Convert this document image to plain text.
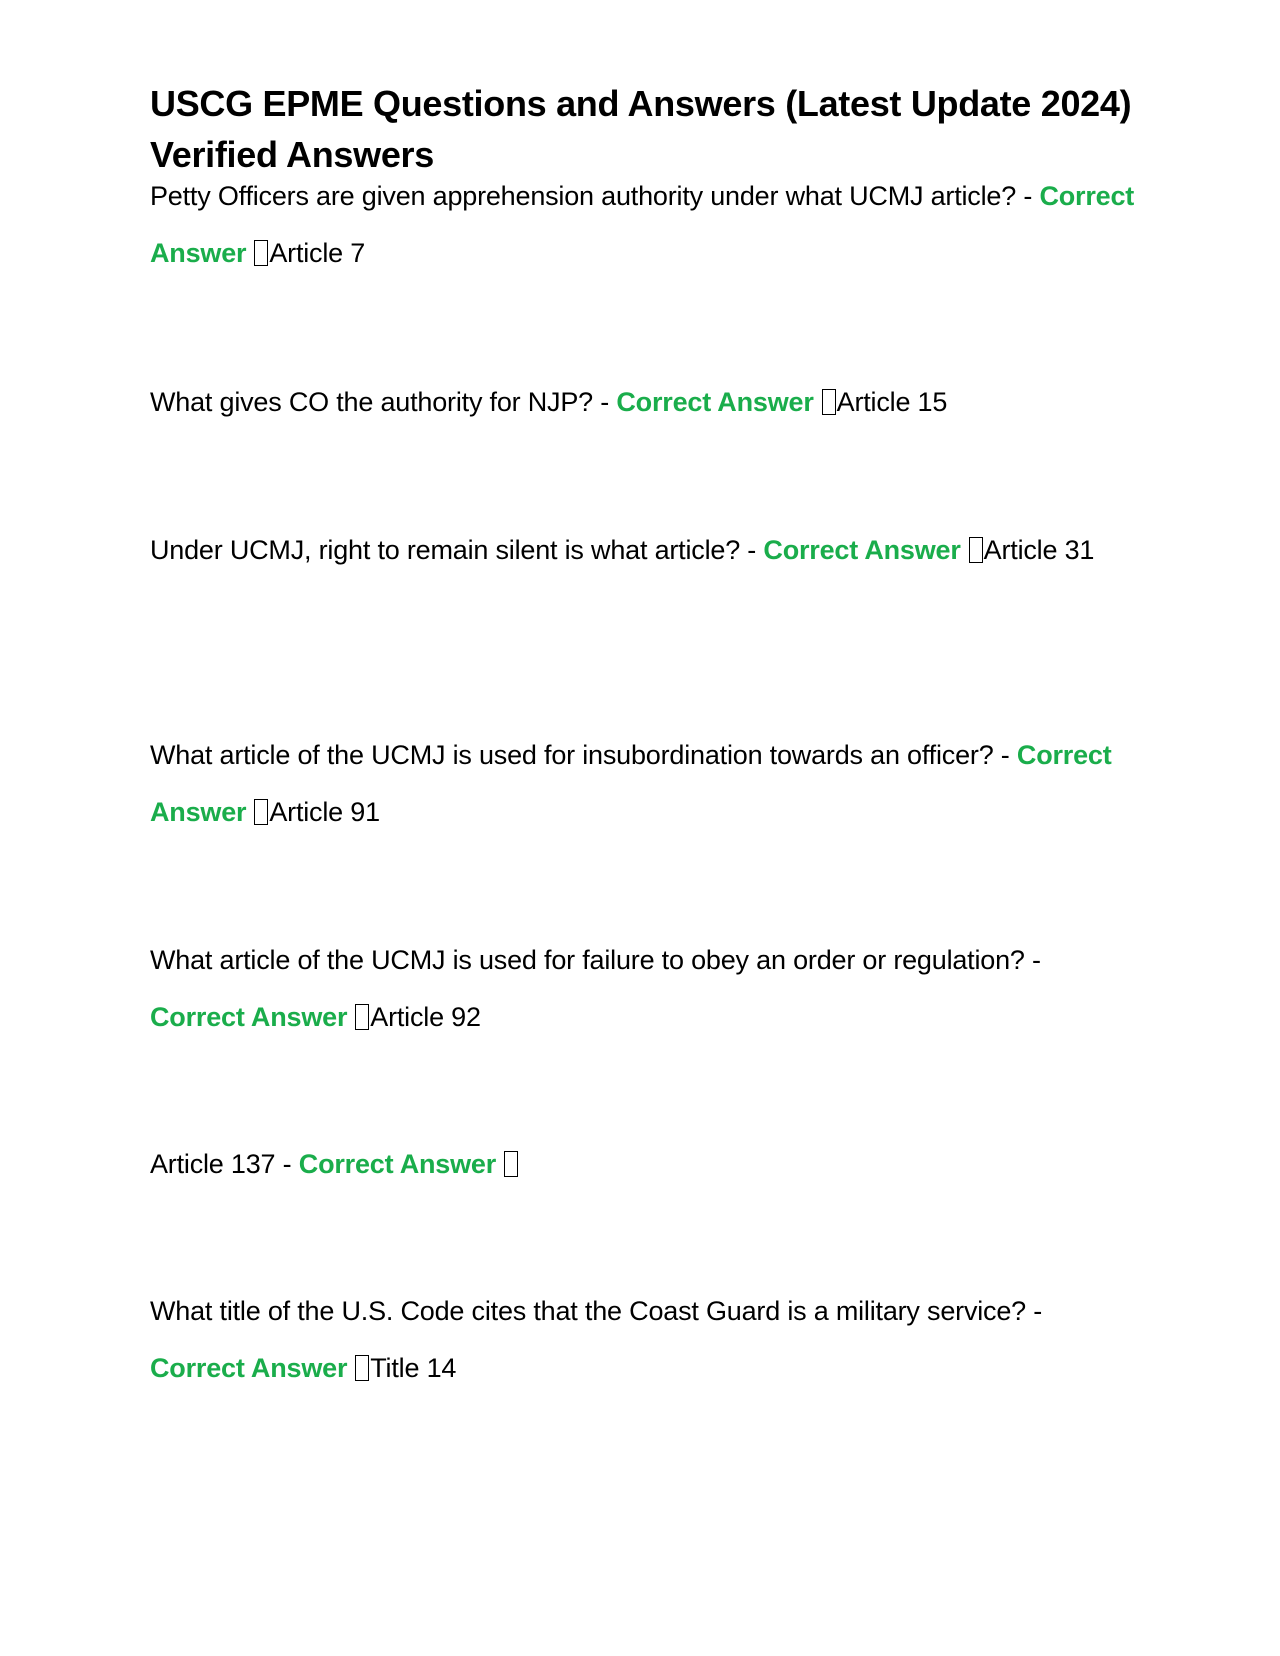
USCG EPME Questions and Answers (Latest Update 2024) Verified Answers

Petty Officers are given apprehension authority under what UCMJ article? - Correct Answer Article 7

What gives CO the authority for NJP? - Correct Answer Article 15

Under UCMJ, right to remain silent is what article? - Correct Answer Article 31

What article of the UCMJ is used for insubordination towards an officer? - Correct Answer Article 91

What article of the UCMJ is used for failure to obey an order or regulation? - Correct Answer Article 92

Article 137 - Correct Answer

What title of the U.S. Code cites that the Coast Guard is a military service? - Correct Answer Title 14
